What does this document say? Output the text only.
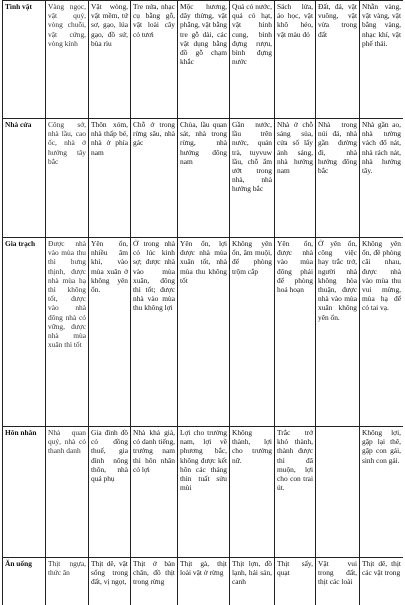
Tình vật	Vàng ngọc, vật quý, vòng chuỗi, vật cứng, vòng kính	Vật wòng, vật mềm, tứ sơ, gạo, lúa gạo, đồ sứ, bùa rìu	Tre nứa, nhạc cụ bằng gỗ, vật loài cây cỏ tươi	Mộc hương, dây thừng, vật phẳng, vật bằng tre gỗ dài, các vật dụng bằng đồ gỗ chạm khắc	Quả có nước, quả có hạt, vật hình cung, bình đựng rượu, bình đựng nước	Sách lửa, áo học, vật khô héo, vật màu đỏ	Đất, đá, vật vuông, vật vừa trong đất	Nhẫn vàng, vật vàng, vật bằng vàng, nhạc khí, vật phế thải.
Nhà cửa	Công sở, nhà lầu, cao ốc, nhà ở hướng tây bắc	Thôn xóm, nhà thấp bé, nhà ở phía nam	Chỗ ở trong rừng sâu, nhà gác	Chùa, lầu quan sát, nhà trong rừng, nhà hướng đông nam	Gần nước, lầu trên nước, quán trà, tuyvuw lầu, chỗ ẩm ướt trong nhà, nhà hướng bắc	Nhà ở chỗ sáng sủa, cửa sổ lấy ánh sáng, nhà hướng nam	Nhà trong núi đá, nhà gần đường đi, nhà hướng đông bắc	Nhà gần ao, nhà tường vách đổ nát, nhà rách nát, nhà hướng tây.
Gia trạch	Được nhà vào mùa thu thì hưng thịnh, được nhà mùa hạ thì không tốt, được vào nhà đông nhà có vững, được nhà mùa xuân thì tốt	Yên ổn, nhiều âm khí, vào mùa xuân ở không yên ổn.	Ở trong nhà có lúc kinh sợ; được nhà vào mùa xuân, đông thì tốt; được nhà vào mùa thu không lợi	Yên ổn, lợi được nhà mùa xuân tốt, nhà mùa thu không tốt	Không yên ổn, âm muội, để phòng trộm cắp	Yên ổn, được nhà vào mùa đông phải để phòng hoả hoạn	Ở yên ổn, công việc hay trắc trở, người nhà không hòa thuận, được nhà vào mùa xuân không yên ổn.	Không yên ổn, đề phòng cãi nhau, được nhà vào mùa thu vui mừng, mùa hạ để có tai vạ.
Hôn nhân	Nhà quan quý, nhà có thanh danh	Gia đình đồ có đồng thuế, gia đình nông thôn, nhà quả phụ	Nhà khá giả, có danh tiếng, trưởng nam thì hôn nhân có lợi	Lợi cho trưởng nam, lợi về phương bắc, không được kết hôn các tháng thìn tuất sửu mùi	Không thành, lợi cho trưởng nữ.	Trắc trở khó thành, thành được thì đã muộn, lợi cho con trai út.		Không lợi, gặp lại thê, gặp con gái, sinh con gái.
Ăn uống	Thịt ngựa, thức ăn	Thịt dê, vật sống trong đất, vị ngọt,	Thịt ở bàn chân, đồ thịt trong rừng	Thịt gà, thịt loài vật ở rừng	Thịt lợn, đồ lạnh, hải sản, canh	Thịt sấy, quạt	Vật vui trong đất, thịt các loài	Thịt dê, thịt các vật trong
